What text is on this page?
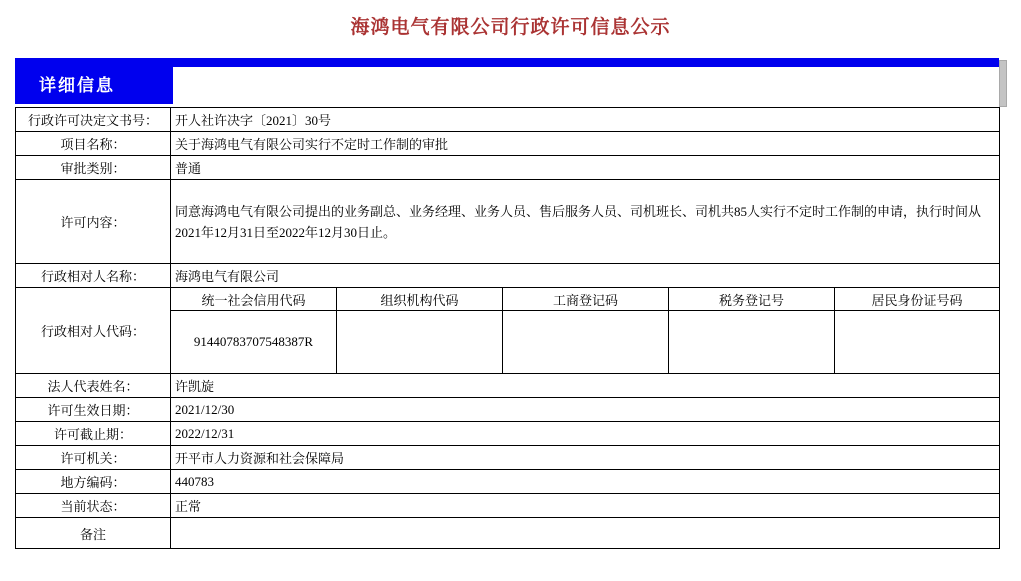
海鸿电气有限公司行政许可信息公示
详细信息
行政许可决定文书号：	开人社许决字〔2021〕30号				
项目名称：	关于海鸿电气有限公司实行不定时工作制的审批				
审批类别：	普通				
许可内容：	同意海鸿电气有限公司提出的业务副总、业务经理、业务人员、售后服务人员、司机班长、司机共85人实行不定时工作制的申请，执行时间从2021年12月31日至2022年12月30日止。				
行政相对人名称：	海鸿电气有限公司				
行政相对人代码：	统一社会信用代码	组织机构代码	工商登记码	税务登记号	居民身份证号码
	91440783707548387R				
法人代表姓名：	许凯旋				
许可生效日期：	2021/12/30				
许可截止期：	2022/12/31				
许可机关：	开平市人力资源和社会保障局				
地方编码：	440783				
当前状态：	正常				
备注					
